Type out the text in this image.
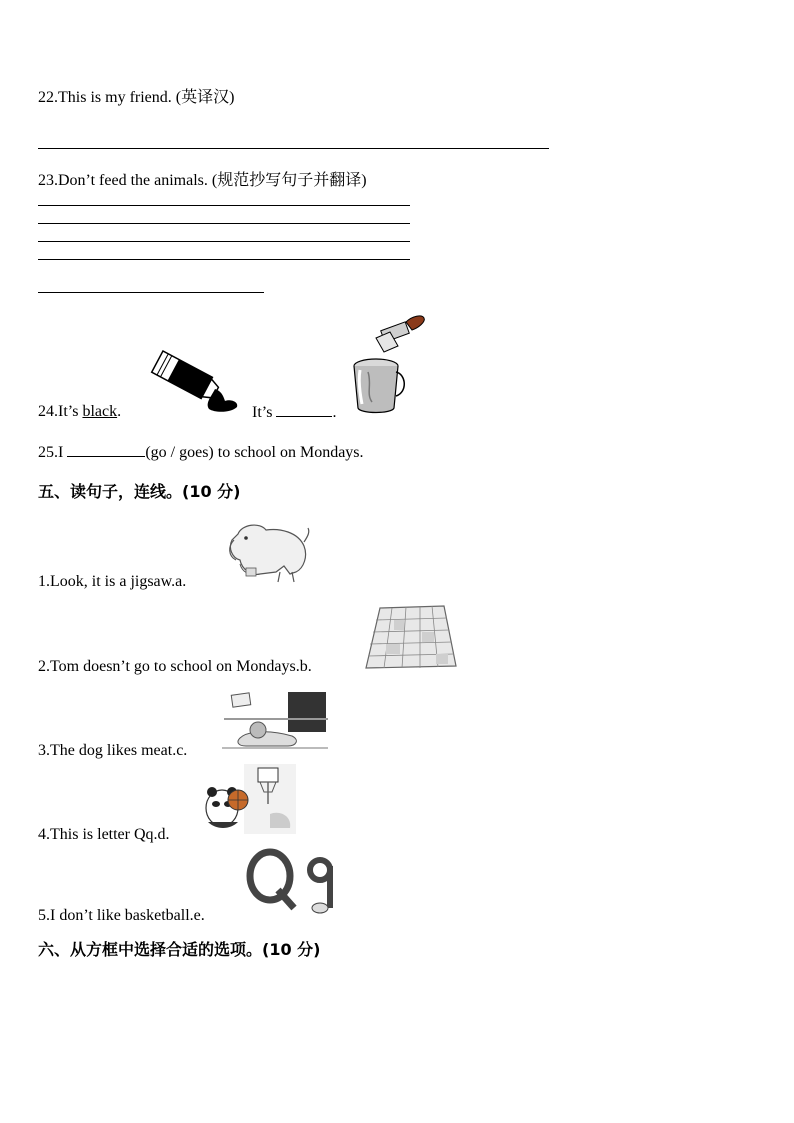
22.This is my friend. (英译汉)
23.Don’t feed the animals. (规范抄写句子并翻译)
24.It’s black.	It’s	.
25.I	(go / goes) to school on Mondays.
五、读句子，连线。(10 分)
1.Look, it is a jigsaw.a.
2.Tom doesn’t go to school on Mondays.b.
3.The dog likes meat.c.
4.This is letter Qq.d.
5.I don’t like basketball.e.
六、从方框中选择合适的选项。(10 分)
